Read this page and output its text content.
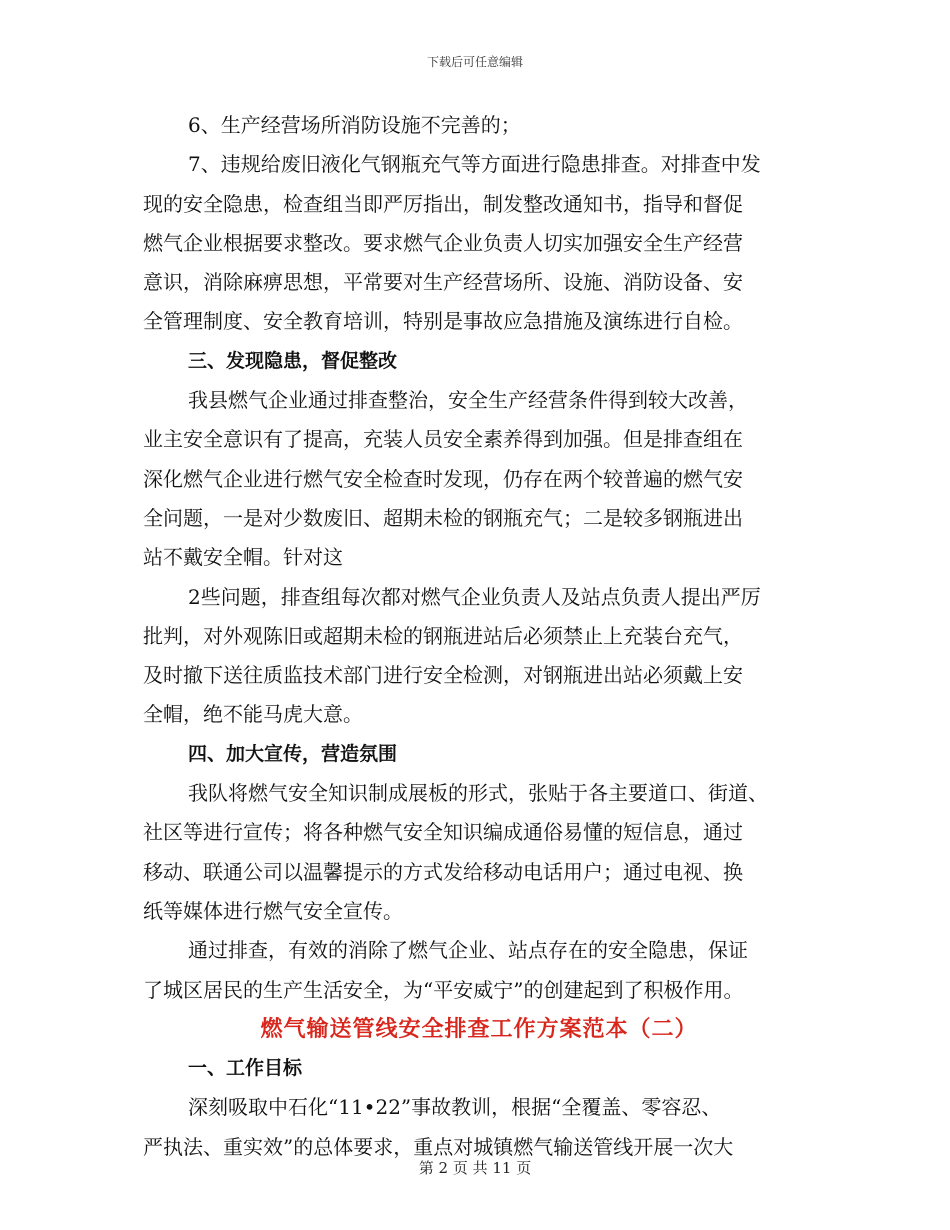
下载后可任意编辑
6、生产经营场所消防设施不完善的；
7、违规给废旧液化气钢瓶充气等方面进行隐患排查。对排查中发
现的安全隐患，检查组当即严厉指出，制发整改通知书，指导和督促
燃气企业根据要求整改。要求燃气企业负责人切实加强安全生产经营
意识，消除麻痹思想，平常要对生产经营场所、设施、消防设备、安
全管理制度、安全教育培训，特别是事故应急措施及演练进行自检。
三、发现隐患，督促整改
我县燃气企业通过排查整治，安全生产经营条件得到较大改善，
业主安全意识有了提高，充装人员安全素养得到加强。但是排查组在
深化燃气企业进行燃气安全检查时发现，仍存在两个较普遍的燃气安
全问题，一是对少数废旧、超期未检的钢瓶充气；二是较多钢瓶进出
站不戴安全帽。针对这
2些问题，排查组每次都对燃气企业负责人及站点负责人提出严厉
批判，对外观陈旧或超期未检的钢瓶进站后必须禁止上充装台充气，
及时撤下送往质监技术部门进行安全检测，对钢瓶进出站必须戴上安
全帽，绝不能马虎大意。
四、加大宣传，营造氛围
我队将燃气安全知识制成展板的形式，张贴于各主要道口、街道、
社区等进行宣传；将各种燃气安全知识编成通俗易懂的短信息，通过
移动、联通公司以温馨提示的方式发给移动电话用户；通过电视、换
纸等媒体进行燃气安全宣传。
通过排查，有效的消除了燃气企业、站点存在的安全隐患，保证
了城区居民的生产生活安全，为“平安威宁”的创建起到了积极作用。
燃气输送管线安全排查工作方案范本（二）
一、工作目标
深刻吸取中石化“11•22”事故教训，根据“全覆盖、零容忍、
严执法、重实效”的总体要求，重点对城镇燃气输送管线开展一次大
第 2 页 共 11 页
